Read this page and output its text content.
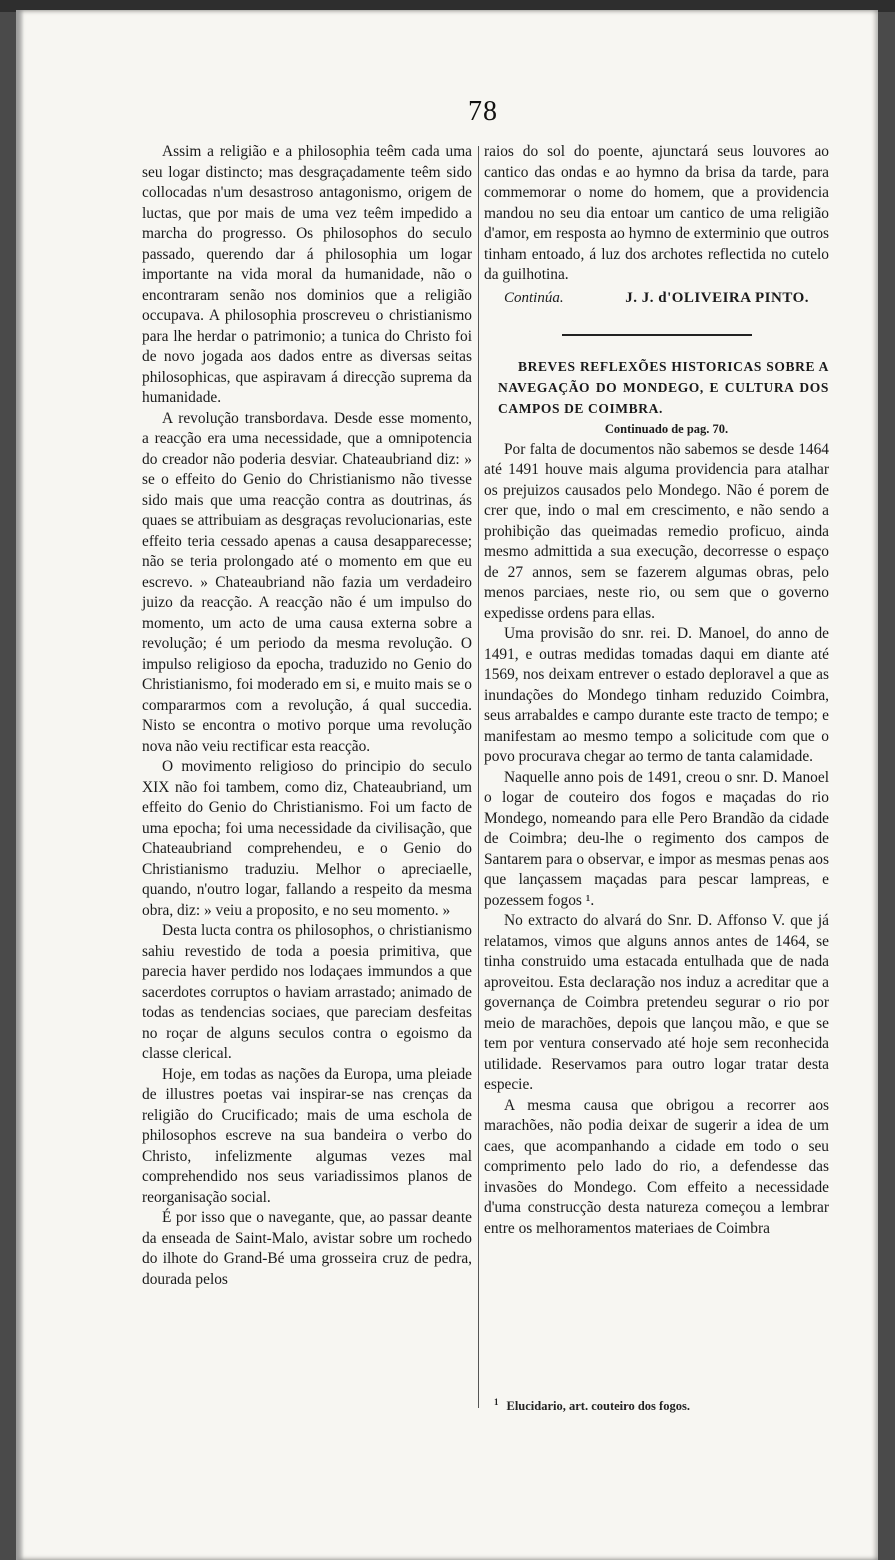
78

Assim a religião e a philosophia teêm cada uma seu logar distincto; mas desgraçadamente teêm sido collocadas n'um desastroso antagonismo, origem de luctas, que por mais de uma vez teêm impedido a marcha do progresso. Os philosophos do seculo passado, querendo dar á philosophia um logar importante na vida moral da humanidade, não o encontraram senão nos dominios que a religião occupava. A philosophia proscreveu o christianismo para lhe herdar o patrimonio; a tunica do Christo foi de novo jogada aos dados entre as diversas seitas philosophicas, que aspiravam á direcção suprema da humanidade.

A revolução transbordava. Desde esse momento, a reacção era uma necessidade, que a omnipotencia do creador não poderia desviar. Chateaubriand diz: » se o effeito do Genio do Christianismo não tivesse sido mais que uma reacção contra as doutrinas, ás quaes se attribuiam as desgraças revolucionarias, este effeito teria cessado apenas a causa desapparecesse; não se teria prolongado até o momento em que eu escrevo. » Chateaubriand não fazia um verdadeiro juizo da reacção. A reacção não é um impulso do momento, um acto de uma causa externa sobre a revolução; é um periodo da mesma revolução. O impulso religioso da epocha, traduzido no Genio do Christianismo, foi moderado em si, e muito mais se o compararmos com a revolução, á qual succedia. Nisto se encontra o motivo porque uma revolução nova não veiu rectificar esta reacção.

O movimento religioso do principio do seculo XIX não foi tambem, como diz, Chateaubriand, um effeito do Genio do Christianismo. Foi um facto de uma epocha; foi uma necessidade da civilisação, que Chateaubriand comprehendeu, e o Genio do Christianismo traduziu. Melhor o apreciaelle, quando, n'outro logar, fallando a respeito da mesma obra, diz: » veiu a proposito, e no seu momento. »

Desta lucta contra os philosophos, o christianismo sahiu revestido de toda a poesia primitiva, que parecia haver perdido nos lodaçaes immundos a que sacerdotes corruptos o haviam arrastado; animado de todas as tendencias sociaes, que pareciam desfeitas no roçar de alguns seculos contra o egoismo da classe clerical.

Hoje, em todas as nações da Europa, uma pleiade de illustres poetas vai inspirar-se nas crenças da religião do Crucificado; mais de uma escholа de philosophos escreve na sua bandeira o verbo do Christo, infelizmente algumas vezes mal comprehendido nos seus variadissimos planos de reorganisação social.

É por isso que o navegante, que, ao passar deante da enseada de Saint-Malo, avistar sobre um rochedo do ilhote do Grand-Bé uma grosseira cruz de pedra, dourada pelos

raios do sol do poente, ajunctará seus louvores ao cantico das ondas e ao hymno da brisa da tarde, para commemorar o nome do homem, que a providencia mandou no seu dia entoar um cantico de uma religião d'amor, em resposta ao hymno de exterminio que outros tinham entoado, á luz dos archotes reflectida no cutelo da guilhotina.

Continúa.	J. J. d'OLIVEIRA PINTO.

BREVES REFLEXÕES HISTORICAS SOBRE A NAVEGAÇÃO DO MONDEGO, E CULTURA DOS CAMPOS DE COIMBRA.

Continuado de pag. 70.

Por falta de documentos não sabemos se desde 1464 até 1491 houve mais alguma providencia para atalhar os prejuizos causados pelo Mondego. Não é porem de crer que, indo o mal em crescimento, e não sendo a prohibição das queimadas remedio proficuo, ainda mesmo admittida a sua execução, decorresse o espaço de 27 annos, sem se fazerem algumas obras, pelo menos parciaes, neste rio, ou sem que o governo expedisse ordens para ellas.

Uma provisão do snr. rei. D. Manoel, do anno de 1491, e outras medidas tomadas daqui em diante até 1569, nos deixam entrever o estado deploravel a que as inundações do Mondego tinham reduzido Coimbra, seus arrabaldes e campo durante este tracto de tempo; e manifestam ao mesmo tempo a solicitude com que o povo procurava chegar ao termo de tanta calamidade.

Naquelle anno pois de 1491, creou o snr. D. Manoel o logar de couteiro dos fogos e maçadas do rio Mondego, nomeando para elle Pero Brandão da cidade de Coimbra; deu-lhe o regimento dos campos de Santarem para o observar, e impor as mesmas penas aos que lançassem maçadas para pescar lampreas, e pozessem fogos ¹.

No extracto do alvará do Snr. D. Affonso V. que já relatamos, vimos que alguns annos antes de 1464, se tinha construido uma estacada entulhada que de nada aproveitou. Esta declaração nos induz a acreditar que a governança de Coimbra pretendeu segurar o rio por meio de marachões, depois que lançou mão, e que se tem por ventura conservado até hoje sem reconhecida utilidade. Reservamos para outro logar tratar desta especie.

A mesma causa que obrigou a recorrer aos marachões, não podia deixar de sugerir a idea de um caes, que acompanhando a cidade em todo o seu comprimento pelo lado do rio, a defendesse das invasões do Mondego. Com effeito a necessidade d'uma construcção desta natureza começou a lembrar entre os melhoramentos materiaes de Coimbra

$^1$ Elucidario, art. couteiro dos fogos.
